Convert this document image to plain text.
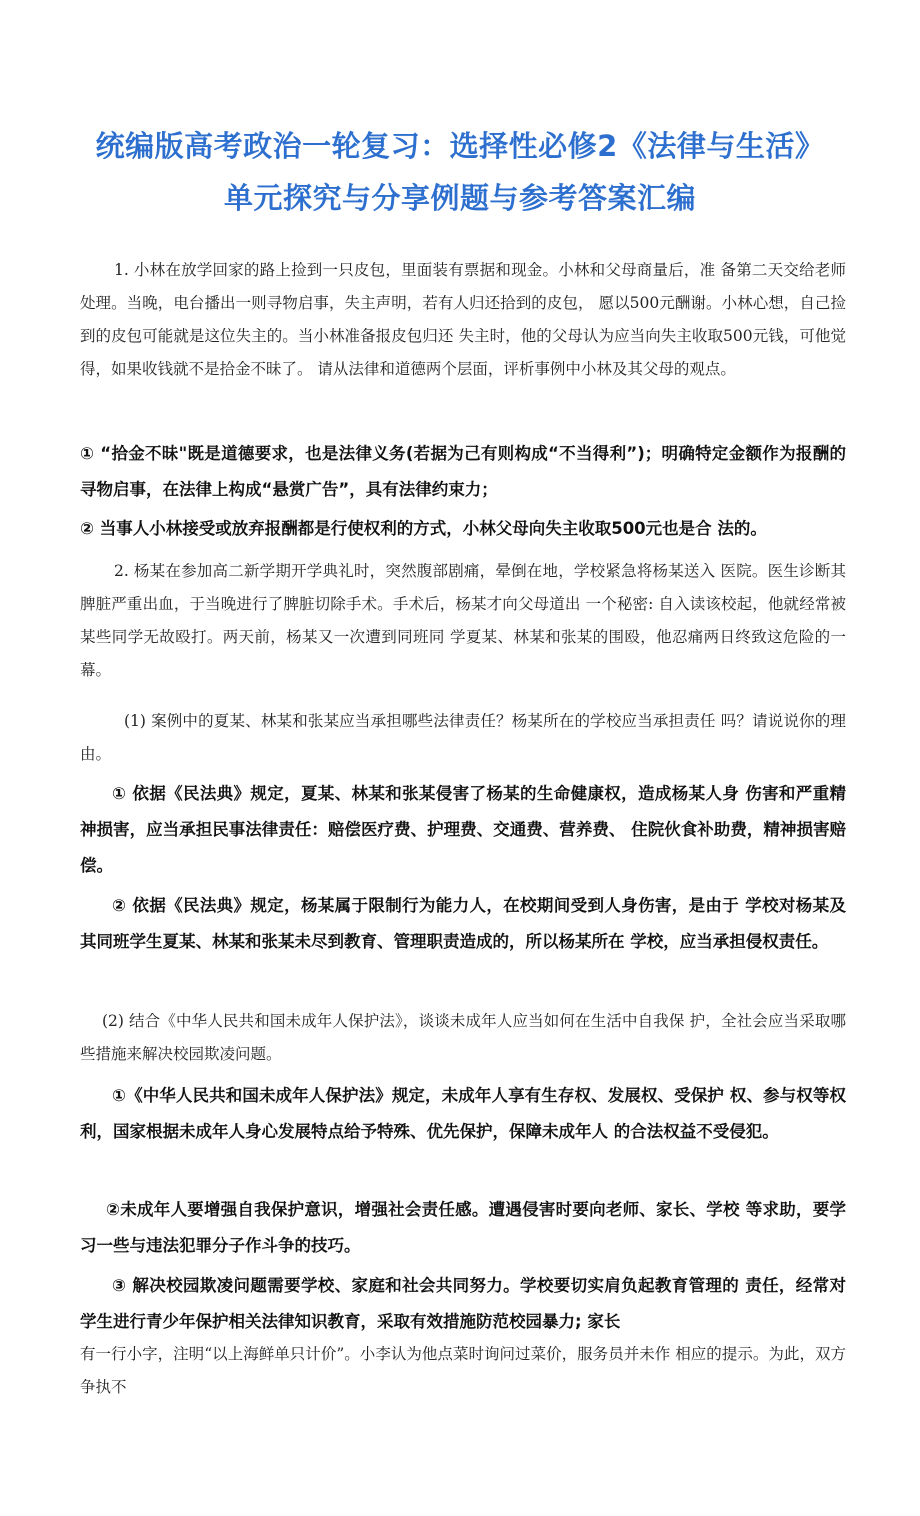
统编版高考政治一轮复习：选择性必修2《法律与生活》
单元探究与分享例题与参考答案汇编
1. 小林在放学回家的路上捡到一只皮包，里面装有票据和现金。小林和父母商量后，准 备第二天交给老师处理。当晚，电台播出一则寻物启事，失主声明，若有人归还拾到的皮包， 愿以500元酬谢。小林心想，自己捡到的皮包可能就是这位失主的。当小林准备报皮包归还 失主时，他的父母认为应当向失主收取500元钱，可他觉得，如果收钱就不是拾金不昧了。 请从法律和道德两个层面，评析事例中小林及其父母的观点。
① “拾金不昧"既是道德要求，也是法律义务(若据为己有则构成“不当得利”)；明确特定金额作为报酬的寻物启事，在法律上构成“悬赏广告”，具有法律约束力；
② 当事人小林接受或放弃报酬都是行使权利的方式，小林父母向失主收取500元也是合 法的。
2. 杨某在参加高二新学期开学典礼时，突然腹部剧痛，晕倒在地，学校紧急将杨某送入 医院。医生诊断其脾脏严重出血，于当晚进行了脾脏切除手术。手术后，杨某才向父母道出 一个秘密: 自入读该校起，他就经常被某些同学无故殴打。两天前，杨某又一次遭到同班同 学夏某、林某和张某的围殴，他忍痛两日终致这危险的一幕。
(1) 案例中的夏某、林某和张某应当承担哪些法律责任？杨某所在的学校应当承担责任 吗？请说说你的理由。
① 依据《民法典》规定，夏某、林某和张某侵害了杨某的生命健康权，造成杨某人身 伤害和严重精神损害，应当承担民事法律责任：赔偿医疗费、护理费、交通费、营养费、 住院伙食补助费，精神损害赔偿。
② 依据《民法典》规定，杨某属于限制行为能力人，在校期间受到人身伤害，是由于 学校对杨某及其同班学生夏某、林某和张某未尽到教育、管理职责造成的，所以杨某所在 学校，应当承担侵权责任。
(2) 结合《中华人民共和国未成年人保护法》，谈谈未成年人应当如何在生活中自我保 护，全社会应当采取哪些措施来解决校园欺凌问题。
①《中华人民共和国未成年人保护法》规定，未成年人享有生存权、发展权、受保护 权、参与权等权利，国家根据未成年人身心发展特点给予特殊、优先保护，保障未成年人 的合法权益不受侵犯。
②未成年人要增强自我保护意识，增强社会责任感。遭遇侵害时要向老师、家长、学校 等求助，要学习一些与违法犯罪分子作斗争的技巧。
③ 解决校园欺凌问题需要学校、家庭和社会共同努力。学校要切实肩负起教育管理的 责任，经常对学生进行青少年保护相关法律知识教育，采取有效措施防范校园暴力; 家长
有一行小字，注明“以上海鲜单只计价”。小李认为他点菜时询问过菜价，服务员并未作 相应的提示。为此，双方争执不
